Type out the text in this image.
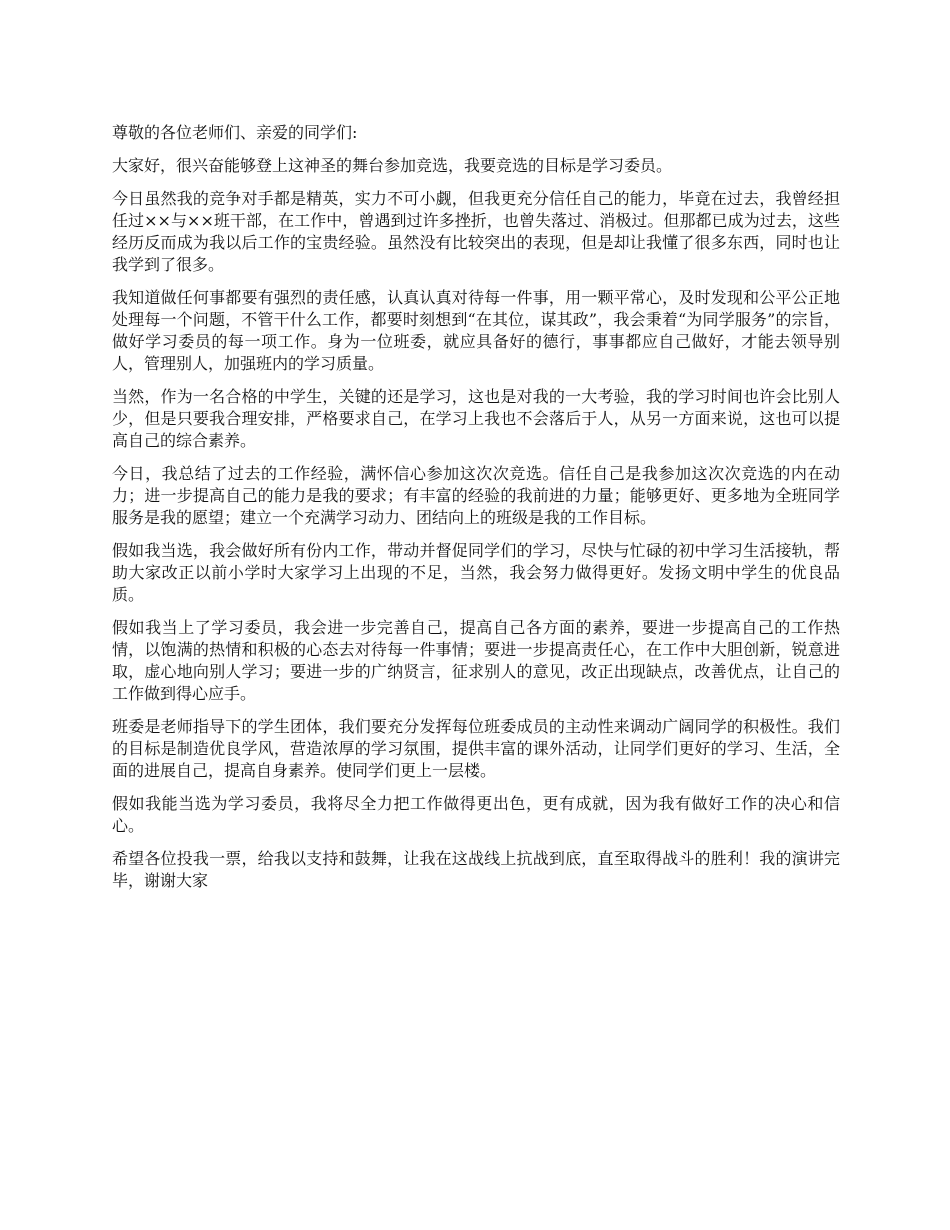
尊敬的各位老师们、亲爱的同学们:

大家好，很兴奋能够登上这神圣的舞台参加竞选，我要竞选的目标是学习委员。

今日虽然我的竞争对手都是精英，实力不可小觑，但我更充分信任自己的能力，毕竟在过去，我曾经担任过××与××班干部，在工作中，曾遇到过许多挫折，也曾失落过、消极过。但那都已成为过去，这些经历反而成为我以后工作的宝贵经验。虽然没有比较突出的表现，但是却让我懂了很多东西，同时也让我学到了很多。

我知道做任何事都要有强烈的责任感，认真认真对待每一件事，用一颗平常心，及时发现和公平公正地处理每一个问题，不管干什么工作，都要时刻想到“在其位，谋其政”，我会秉着“为同学服务”的宗旨，做好学习委员的每一项工作。身为一位班委，就应具备好的德行，事事都应自己做好，才能去领导别人，管理别人，加强班内的学习质量。

当然，作为一名合格的中学生，关键的还是学习，这也是对我的一大考验，我的学习时间也许会比别人少，但是只要我合理安排，严格要求自己，在学习上我也不会落后于人，从另一方面来说，这也可以提高自己的综合素养。

今日，我总结了过去的工作经验，满怀信心参加这次次竞选。信任自己是我参加这次次竞选的内在动力；进一步提高自己的能力是我的要求；有丰富的经验的我前进的力量；能够更好、更多地为全班同学服务是我的愿望；建立一个充满学习动力、团结向上的班级是我的工作目标。

假如我当选，我会做好所有份内工作，带动并督促同学们的学习，尽快与忙碌的初中学习生活接轨，帮助大家改正以前小学时大家学习上出现的不足，当然，我会努力做得更好。发扬文明中学生的优良品质。

假如我当上了学习委员，我会进一步完善自己，提高自己各方面的素养，要进一步提高自己的工作热情，以饱满的热情和积极的心态去对待每一件事情；要进一步提高责任心，在工作中大胆创新，锐意进取，虚心地向别人学习；要进一步的广纳贤言，征求别人的意见，改正出现缺点，改善优点，让自己的工作做到得心应手。

班委是老师指导下的学生团体，我们要充分发挥每位班委成员的主动性来调动广阔同学的积极性。我们的目标是制造优良学风，营造浓厚的学习氛围，提供丰富的课外活动，让同学们更好的学习、生活，全面的进展自己，提高自身素养。使同学们更上一层楼。

假如我能当选为学习委员，我将尽全力把工作做得更出色，更有成就，因为我有做好工作的决心和信心。

希望各位投我一票，给我以支持和鼓舞，让我在这战线上抗战到底，直至取得战斗的胜利！我的演讲完毕，谢谢大家
